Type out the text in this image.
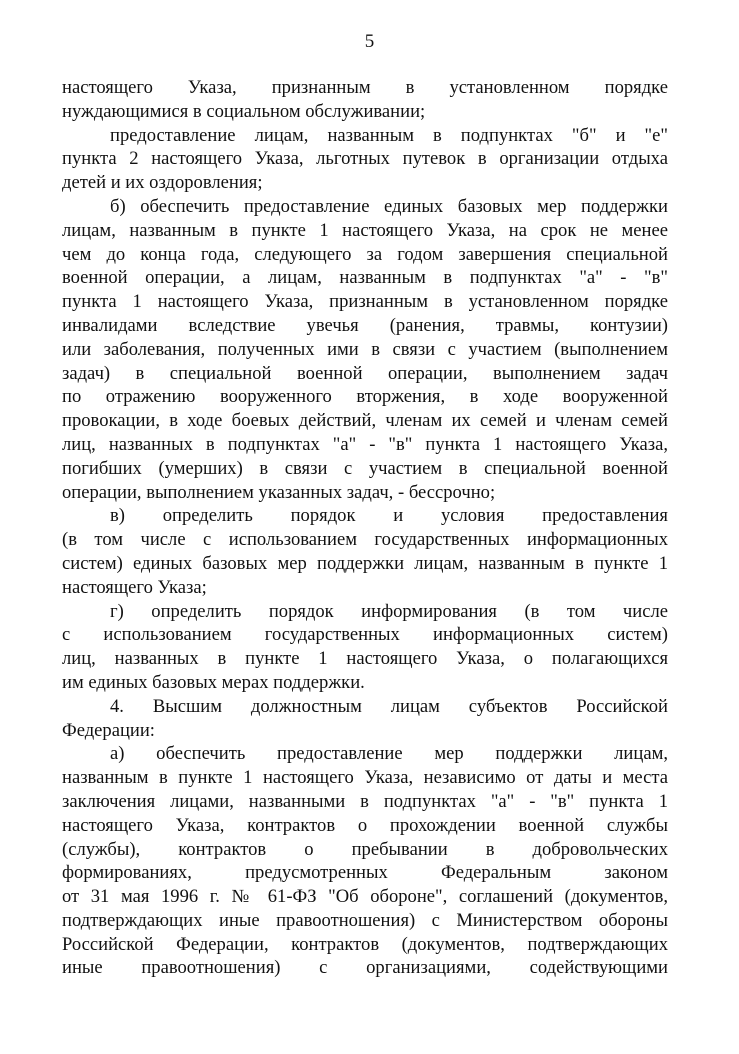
5

настоящего Указа, признанным в установленном порядке

нуждающимися в социальном обслуживании;

предоставление лицам, названным в подпунктах "б" и "е"

пункта 2 настоящего Указа, льготных путевок в организации отдыха

детей и их оздоровления;

б) обеспечить предоставление единых базовых мер поддержки

лицам, названным в пункте 1 настоящего Указа, на срок не менее

чем до конца года, следующего за годом завершения специальной

военной операции, а лицам, названным в подпунктах "а" - "в"

пункта 1 настоящего Указа, признанным в установленном порядке

инвалидами вследствие увечья (ранения, травмы, контузии)

или заболевания, полученных ими в связи с участием (выполнением

задач) в специальной военной операции, выполнением задач

по отражению вооруженного вторжения, в ходе вооруженной

провокации, в ходе боевых действий, членам их семей и членам семей

лиц, названных в подпунктах "а" - "в" пункта 1 настоящего Указа,

погибших (умерших) в связи с участием в специальной военной

операции, выполнением указанных задач, - бессрочно;

в) определить порядок и условия предоставления

(в том числе с использованием государственных информационных

систем) единых базовых мер поддержки лицам, названным в пункте 1

настоящего Указа;

г) определить порядок информирования (в том числе

с использованием государственных информационных систем)

лиц, названных в пункте 1 настоящего Указа, о полагающихся

им единых базовых мерах поддержки.

4. Высшим должностным лицам субъектов Российской

Федерации:

а) обеспечить предоставление мер поддержки лицам,

названным в пункте 1 настоящего Указа, независимо от даты и места

заключения лицами, названными в подпунктах "а" - "в" пункта 1

настоящего Указа, контрактов о прохождении военной службы

(службы), контрактов о пребывании в добровольческих

формированиях, предусмотренных Федеральным законом

от 31 мая 1996 г. № 61-ФЗ "Об обороне", соглашений (документов,

подтверждающих иные правоотношения) с Министерством обороны

Российской Федерации, контрактов (документов, подтверждающих

иные правоотношения) с организациями, содействующими
